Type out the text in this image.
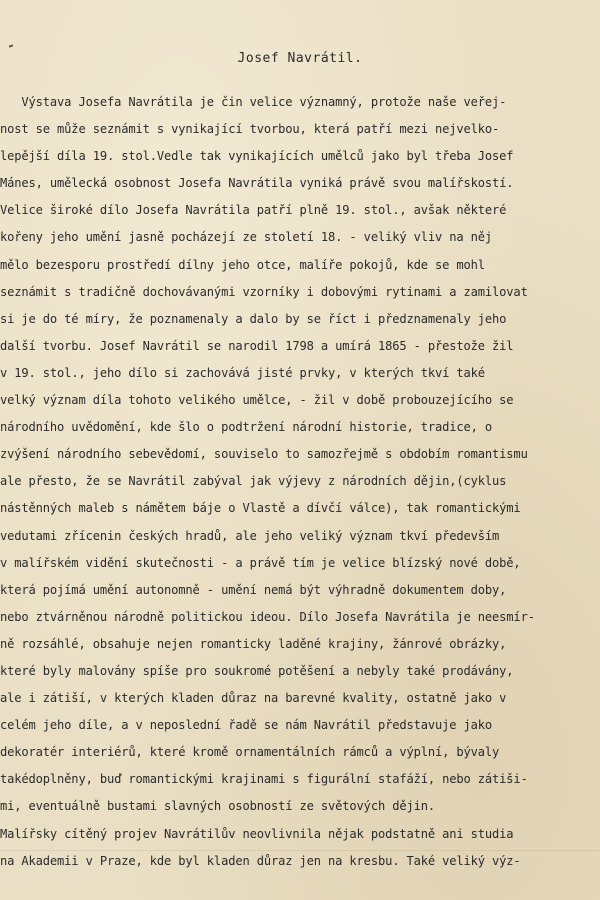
Josef Navrátil.
Výstava Josefa Navrátila je čin velice významný, protože naše veřej-
nost se může seznámit s vynikající tvorbou, která patří mezi nejvelko-
lepější díla 19. stol.Vedle tak vynikajících umělců jako byl třeba Josef
Mánes, umělecká osobnost Josefa Navrátila vyniká právě svou malířskostí.
Velice široké dílo Josefa Navrátila patří plně 19. stol., avšak některé
kořeny jeho umění jasně pocházejí ze století 18. - veliký vliv na něj
mělo bezesporu prostředí dílny jeho otce, malíře pokojů, kde se mohl
seznámit s tradičně dochovávanými vzorníky i dobovými rytinami a zamilovat
si je do té míry, že poznamenaly a dalo by se říct i předznamenaly jeho
další tvorbu. Josef Navrátil se narodil 1798 a umírá 1865 - přestože žil
v 19. stol., jeho dílo si zachovává jisté prvky, v kterých tkví také
velký význam díla tohoto velikého umělce, - žil v době probouzejícího se
národního uvědomění, kde šlo o podtržení národní historie, tradice, o
zvýšení národního sebevědomí, souviselo to samozřejmě s obdobím romantismu
ale přesto, že se Navrátil zabýval jak výjevy z národních dějin,(cyklus
nástěnných maleb s námětem báje o Vlastě a dívčí válce), tak romantickými
vedutami zřícenin českých hradů, ale jeho veliký význam tkví především
v malířském vidění skutečnosti - a právě tím je velice blízský nové době,
která pojímá umění autonomně - umění nemá být výhradně dokumentem doby,
nebo ztvárněnou národně politickou ideou. Dílo Josefa Navrátila je neesmír-
ně rozsáhlé, obsahuje nejen romanticky laděné krajiny, žánrové obrázky,
které byly malovány spíše pro soukromé potěšení a nebyly také prodávány,
ale i zátiší, v kterých kladen důraz na barevné kvality, ostatně jako v
celém jeho díle, a v neposlední řadě se nám Navrátil představuje jako
dekoratér interiérů, které kromě ornamentálních rámců a výplní, bývaly
takédoplněny, buď romantickými krajinami s figurální stafáží, nebo zátiši-
mi, eventuálně bustami slavných osobností ze světových dějin.
Malířsky cítěný projev Navrátilův neovlivnila nějak podstatně ani studia
na Akademii v Praze, kde byl kladen důraz jen na kresbu. Také veliký výz-
